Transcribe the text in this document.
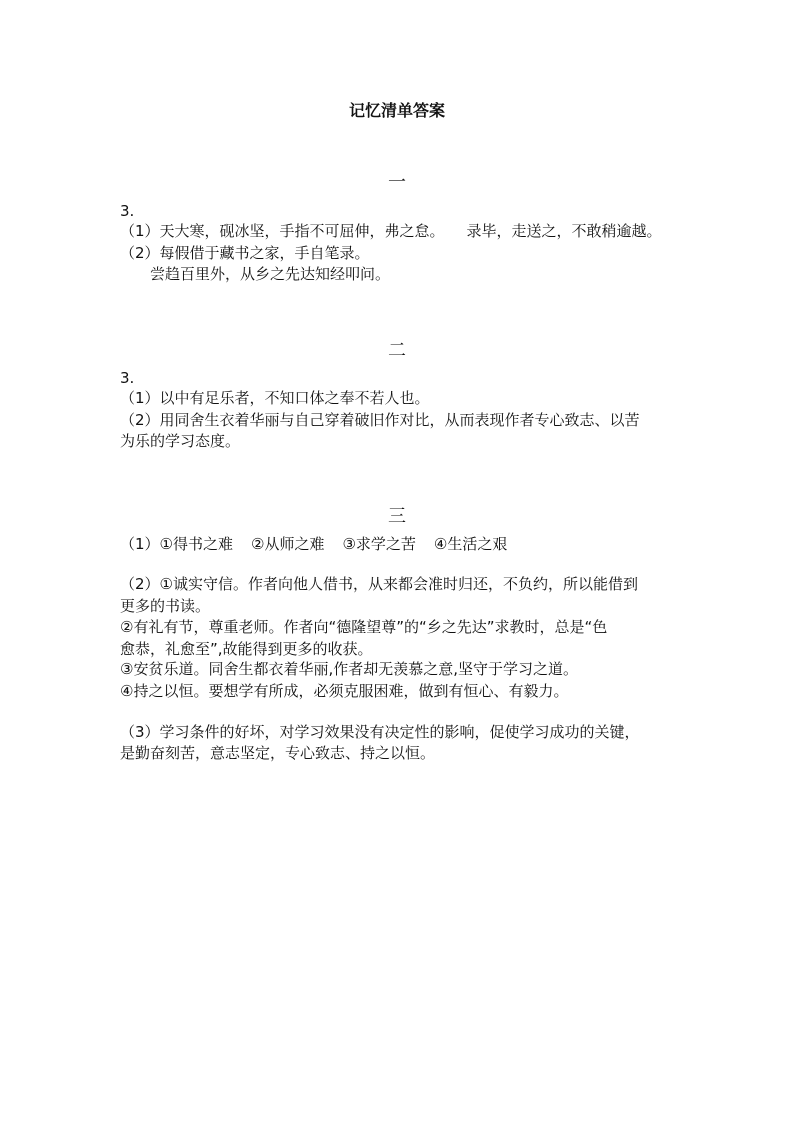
记忆清单答案
一
3.
（1）天大寒，砚冰坚，手指不可屈伸，弗之怠。 录毕，走送之，不敢稍逾越。
（2）每假借于藏书之家，手自笔录。
尝趋百里外，从乡之先达知经叩问。
二
3.
（1）以中有足乐者，不知口体之奉不若人也。
（2）用同舍生衣着华丽与自己穿着破旧作对比，从而表现作者专心致志、以苦
为乐的学习态度。
三
（1）①得书之难 ②从师之难 ③求学之苦 ④生活之艰
（2）①诚实守信。作者向他人借书，从来都会准时归还，不负约，所以能借到
更多的书读。
②有礼有节，尊重老师。作者向“德隆望尊”的“乡之先达”求教时，总是“色
愈恭，礼愈至”,故能得到更多的收获。
③安贫乐道。同舍生都衣着华丽,作者却无羡慕之意,坚守于学习之道。
④持之以恒。要想学有所成，必须克服困难，做到有恒心、有毅力。
（3）学习条件的好坏，对学习效果没有决定性的影响，促使学习成功的关键，
是勤奋刻苦，意志坚定，专心致志、持之以恒。
